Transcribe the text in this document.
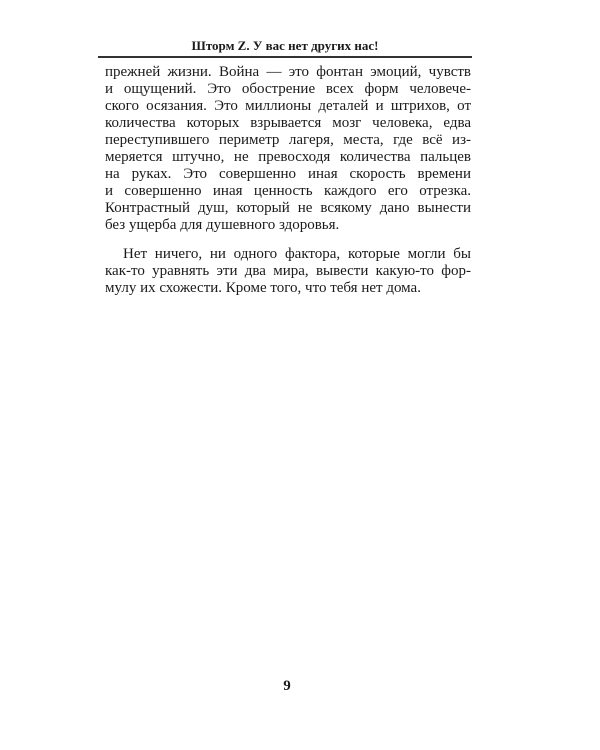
Шторм Z. У вас нет других нас!
прежней жизни. Война — это фонтан эмоций, чувств
и ощущений. Это обострение всех форм человече-
ского осязания. Это миллионы деталей и штрихов, от
количества которых взрывается мозг человека, едва
переступившего периметр лагеря, места, где всё из-
меряется штучно, не превосходя количества пальцев
на руках. Это совершенно иная скорость времени
и совершенно иная ценность каждого его отрезка.
Контрастный душ, который не всякому дано вынести
без ущерба для душевного здоровья.
Нет ничего, ни одного фактора, которые могли бы
как-то уравнять эти два мира, вывести какую-то фор-
мулу их схожести. Кроме того, что тебя нет дома.
9
